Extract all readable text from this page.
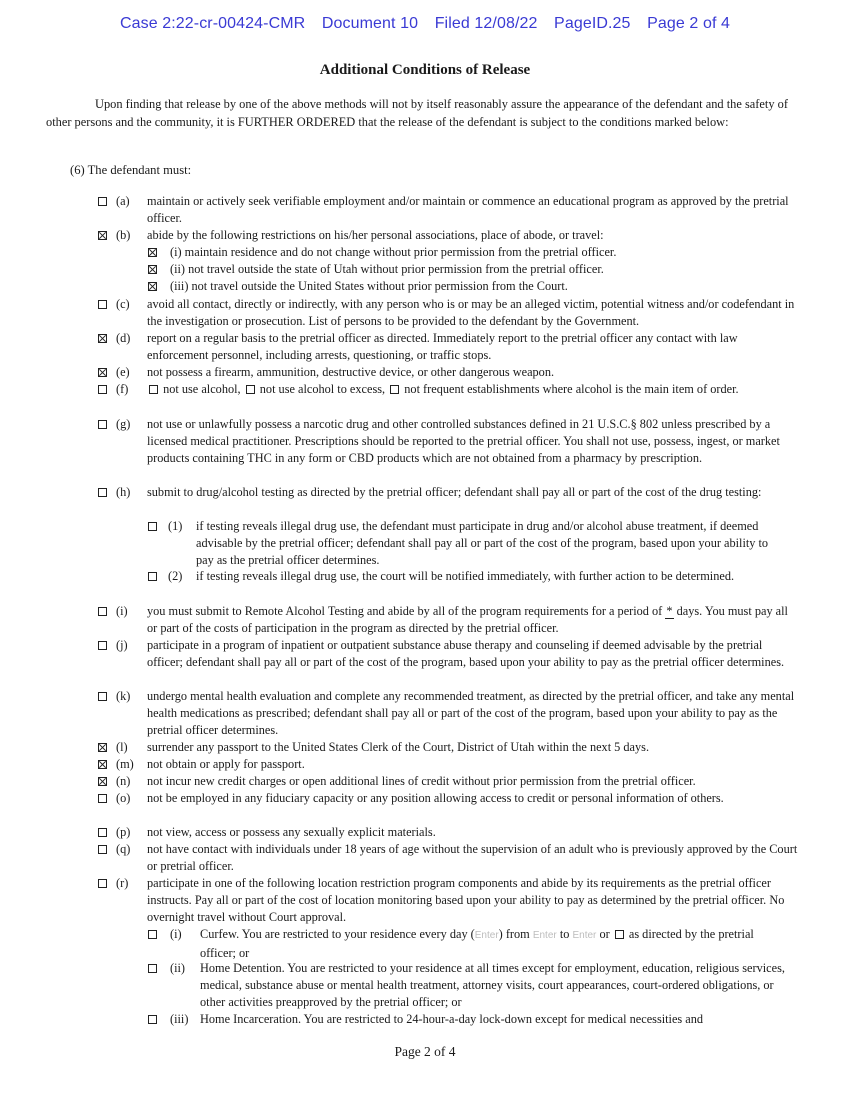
Case 2:22-cr-00424-CMR Document 10 Filed 12/08/22 PageID.25 Page 2 of 4
Additional Conditions of Release
Upon finding that release by one of the above methods will not by itself reasonably assure the appearance of the defendant and the safety of other persons and the community, it is FURTHER ORDERED that the release of the defendant is subject to the conditions marked below:
(6) The defendant must:
(a) maintain or actively seek verifiable employment and/or maintain or commence an educational program as approved by the pretrial officer.
(b) abide by the following restrictions on his/her personal associations, place of abode, or travel:
(i) maintain residence and do not change without prior permission from the pretrial officer.
(ii) not travel outside the state of Utah without prior permission from the pretrial officer.
(iii) not travel outside the United States without prior permission from the Court.
(c) avoid all contact, directly or indirectly, with any person who is or may be an alleged victim, potential witness and/or codefendant in the investigation or prosecution. List of persons to be provided to the defendant by the Government.
(d) report on a regular basis to the pretrial officer as directed. Immediately report to the pretrial officer any contact with law enforcement personnel, including arrests, questioning, or traffic stops.
(e) not possess a firearm, ammunition, destructive device, or other dangerous weapon.
(f)	not use alcohol, not use alcohol to excess, not frequent establishments where alcohol is the main item of order.
(g) not use or unlawfully possess a narcotic drug and other controlled substances defined in 21 U.S.C.§ 802 unless prescribed by a licensed medical practitioner. Prescriptions should be reported to the pretrial officer. You shall not use, possess, ingest, or market products containing THC in any form or CBD products which are not obtained from a pharmacy by prescription.
(h) submit to drug/alcohol testing as directed by the pretrial officer; defendant shall pay all or part of the cost of the drug testing:
(1) if testing reveals illegal drug use, the defendant must participate in drug and/or alcohol abuse treatment, if deemed advisable by the pretrial officer; defendant shall pay all or part of the cost of the program, based upon your ability to pay as the pretrial officer determines.
(2) if testing reveals illegal drug use, the court will be notified immediately, with further action to be determined.
(i) you must submit to Remote Alcohol Testing and abide by all of the program requirements for a period of * days. You must pay all or part of the costs of participation in the program as directed by the pretrial officer.
(j) participate in a program of inpatient or outpatient substance abuse therapy and counseling if deemed advisable by the pretrial officer; defendant shall pay all or part of the cost of the program, based upon your ability to pay as the pretrial officer determines.
(k) undergo mental health evaluation and complete any recommended treatment, as directed by the pretrial officer, and take any mental health medications as prescribed; defendant shall pay all or part of the cost of the program, based upon your ability to pay as the pretrial officer determines.
(l) surrender any passport to the United States Clerk of the Court, District of Utah within the next 5 days.
(m) not obtain or apply for passport.
(n) not incur new credit charges or open additional lines of credit without prior permission from the pretrial officer.
(o) not be employed in any fiduciary capacity or any position allowing access to credit or personal information of others.
(p) not view, access or possess any sexually explicit materials.
(q) not have contact with individuals under 18 years of age without the supervision of an adult who is previously approved by the Court or pretrial officer.
(r) participate in one of the following location restriction program components and abide by its requirements as the pretrial officer instructs. Pay all or part of the cost of location monitoring based upon your ability to pay as determined by the pretrial officer. No overnight travel without Court approval.
(i) Curfew. You are restricted to your residence every day (Enter) from Enter to Enter or as directed by the pretrial officer; or
(ii) Home Detention. You are restricted to your residence at all times except for employment, education, religious services, medical, substance abuse or mental health treatment, attorney visits, court appearances, court-ordered obligations, or other activities preapproved by the pretrial officer; or
(iii) Home Incarceration. You are restricted to 24-hour-a-day lock-down except for medical necessities and
Page 2 of 4
